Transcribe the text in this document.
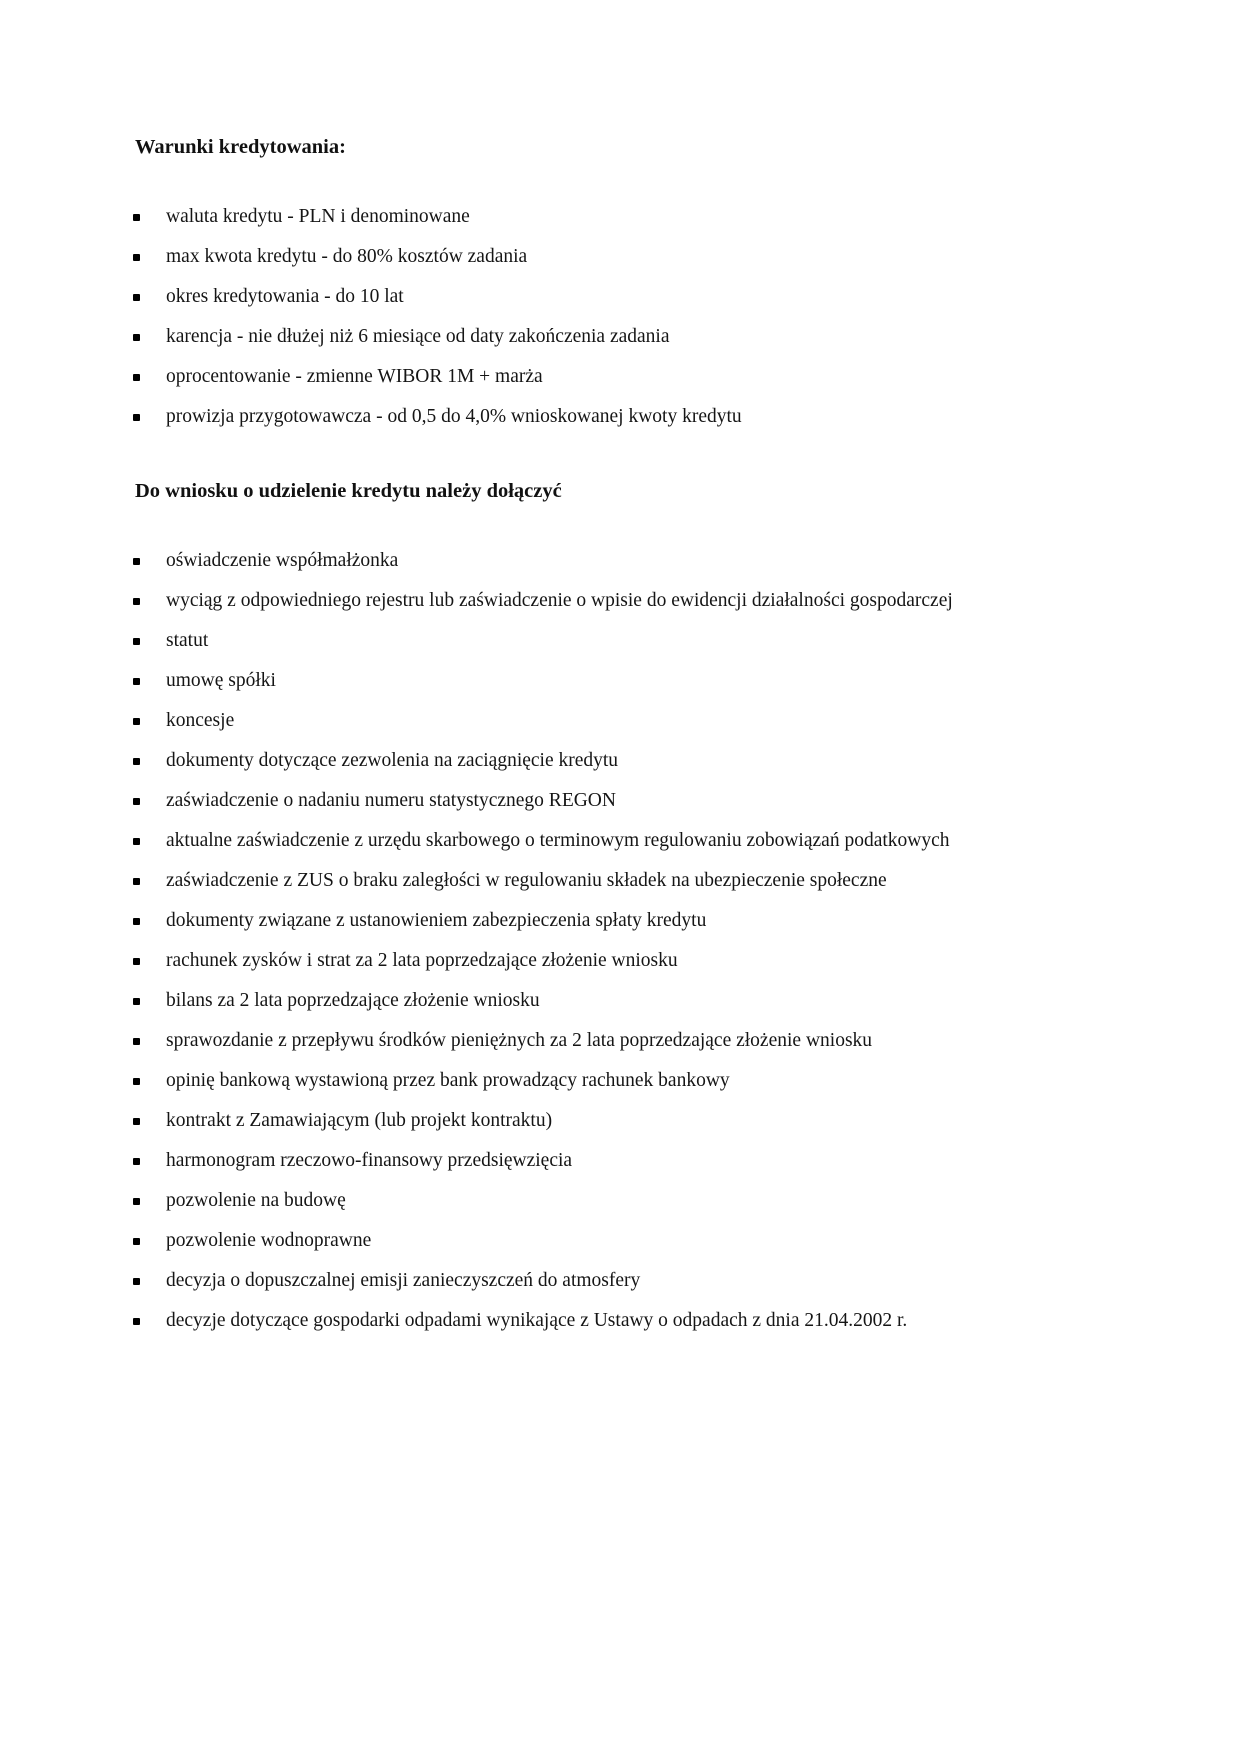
Warunki kredytowania:
waluta kredytu - PLN i denominowane
max kwota kredytu - do 80% kosztów zadania
okres kredytowania - do 10 lat
karencja - nie dłużej niż 6 miesiące od daty zakończenia zadania
oprocentowanie - zmienne WIBOR 1M + marża
prowizja przygotowawcza - od 0,5 do 4,0% wnioskowanej kwoty kredytu
Do wniosku o udzielenie kredytu należy dołączyć
oświadczenie współmałżonka
wyciąg z odpowiedniego rejestru lub zaświadczenie o wpisie do ewidencji działalności gospodarczej
statut
umowę spółki
koncesje
dokumenty dotyczące zezwolenia na zaciągnięcie kredytu
zaświadczenie o nadaniu numeru statystycznego REGON
aktualne zaświadczenie z urzędu skarbowego o terminowym regulowaniu zobowiązań podatkowych
zaświadczenie z ZUS o braku zaległości w regulowaniu składek na ubezpieczenie społeczne
dokumenty związane z ustanowieniem zabezpieczenia spłaty kredytu
rachunek zysków i strat za 2 lata poprzedzające złożenie wniosku
bilans za 2 lata poprzedzające złożenie wniosku
sprawozdanie z przepływu środków pieniężnych za 2 lata poprzedzające złożenie wniosku
opinię bankową wystawioną przez bank prowadzący rachunek bankowy
kontrakt z Zamawiającym (lub projekt kontraktu)
harmonogram rzeczowo-finansowy przedsięwzięcia
pozwolenie na budowę
pozwolenie wodnoprawne
decyzja o dopuszczalnej emisji zanieczyszczeń do atmosfery
decyzje dotyczące gospodarki odpadami wynikające z Ustawy o odpadach z dnia 21.04.2002 r.
